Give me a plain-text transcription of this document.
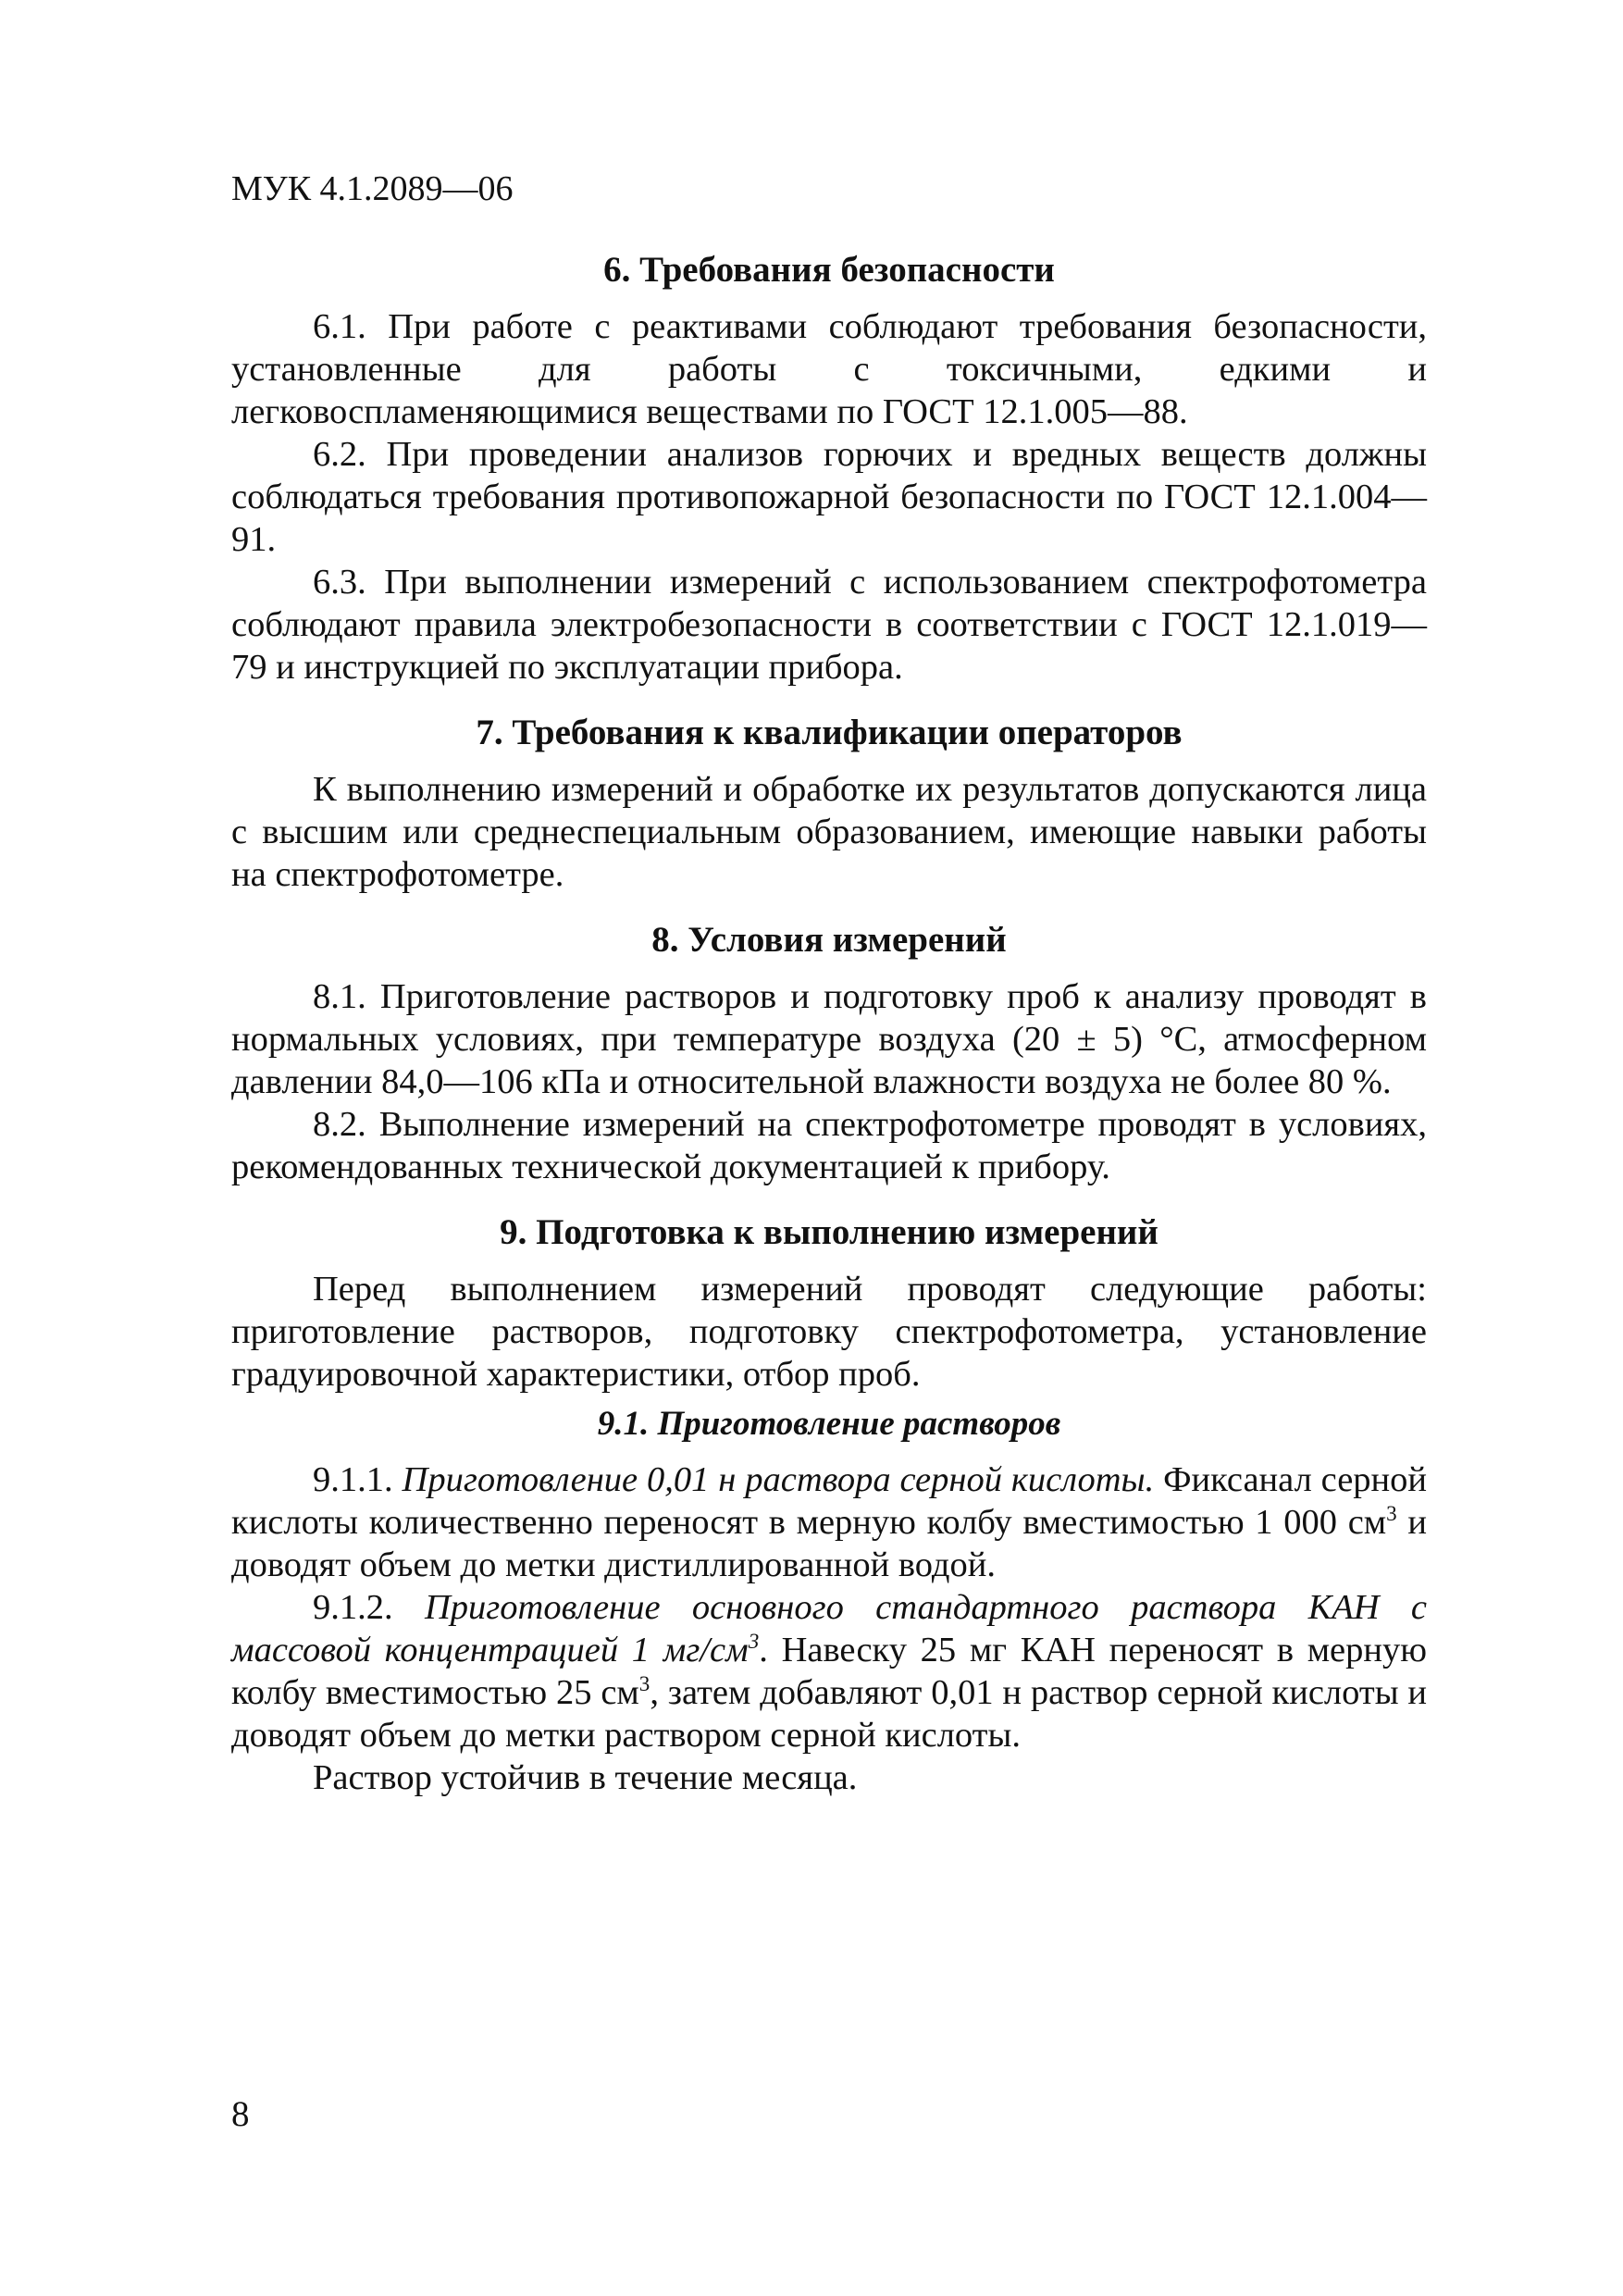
МУК 4.1.2089—06
6. Требования безопасности

6.1. При работе с реактивами соблюдают требования безопасности, установленные для работы с токсичными, едкими и легковоспламеняющимися веществами по ГОСТ 12.1.005—88.

6.2. При проведении анализов горючих и вредных веществ должны соблюдаться требования противопожарной безопасности по ГОСТ 12.1.004—91.

6.3. При выполнении измерений с использованием спектрофотометра соблюдают правила электробезопасности в соответствии с ГОСТ 12.1.019—79 и инструкцией по эксплуатации прибора.

7. Требования к квалификации операторов

К выполнению измерений и обработке их результатов допускаются лица с высшим или среднеспециальным образованием, имеющие навыки работы на спектрофотометре.

8. Условия измерений

8.1. Приготовление растворов и подготовку проб к анализу проводят в нормальных условиях, при температуре воздуха (20 ± 5) °С, атмосферном давлении 84,0—106 кПа и относительной влажности воздуха не более 80 %.

8.2. Выполнение измерений на спектрофотометре проводят в условиях, рекомендованных технической документацией к прибору.

9. Подготовка к выполнению измерений

Перед выполнением измерений проводят следующие работы: приготовление растворов, подготовку спектрофотометра, установление градуировочной характеристики, отбор проб.

9.1. Приготовление растворов

9.1.1. Приготовление 0,01 н раствора серной кислоты. Фиксанал серной кислоты количественно переносят в мерную колбу вместимостью 1 000 $см^3$ и доводят объем до метки дистиллированной водой.

9.1.2. Приготовление основного стандартного раствора КАН с массовой концентрацией 1 $мг/см^3$. Навеску 25 мг КАН переносят в мерную колбу вместимостью 25 $см^3$, затем добавляют 0,01 н раствор серной кислоты и доводят объем до метки раствором серной кислоты.

Раствор устойчив в течение месяца.

8
